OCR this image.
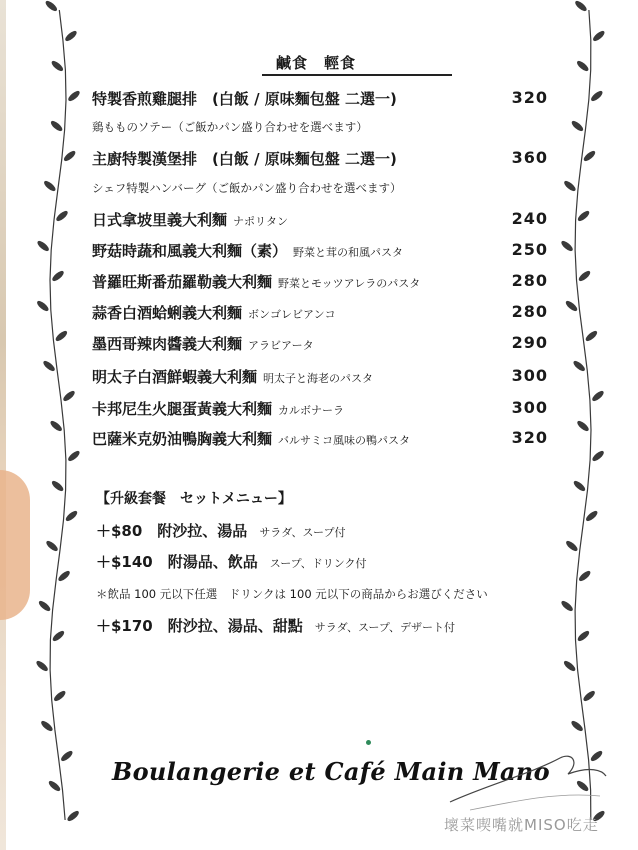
鹹食　輕食
特製香煎雞腿排　(白飯 / 原味麵包盤 二選一)	320
鶏もものソテー（ご飯かパン盛り合わせを選べます）
主廚特製漢堡排　(白飯 / 原味麵包盤 二選一)	360
シェフ特製ハンバーグ（ご飯かパン盛り合わせを選べます）
日式拿坡里義大利麵 ナポリタン	240
野菇時蔬和風義大利麵（素） 野菜と茸の和風パスタ	250
普羅旺斯番茄羅勒義大利麵 野菜とモッツアレラのパスタ	280
蒜香白酒蛤蜊義大利麵 ボンゴレビアンコ	280
墨西哥辣肉醬義大利麵 アラビアータ	290
明太子白酒鮮蝦義大利麵 明太子と海老のパスタ	300
卡邦尼生火腿蛋黃義大利麵 カルボナーラ	300
巴薩米克奶油鴨胸義大利麵 バルサミコ風味の鴨パスタ	320
【升級套餐　セットメニュー】
＋$80　附沙拉、湯品 サラダ、スープ付
＋$140　附湯品、飲品 スープ、ドリンク付
＊飲品 100 元以下任選　ドリンクは 100 元以下の商品からお選びください
＋$170　附沙拉、湯品、甜點 サラダ、スープ、デザート付
Boulangerie et Café Main Mano
壞菜喫嘴就MISO吃走
